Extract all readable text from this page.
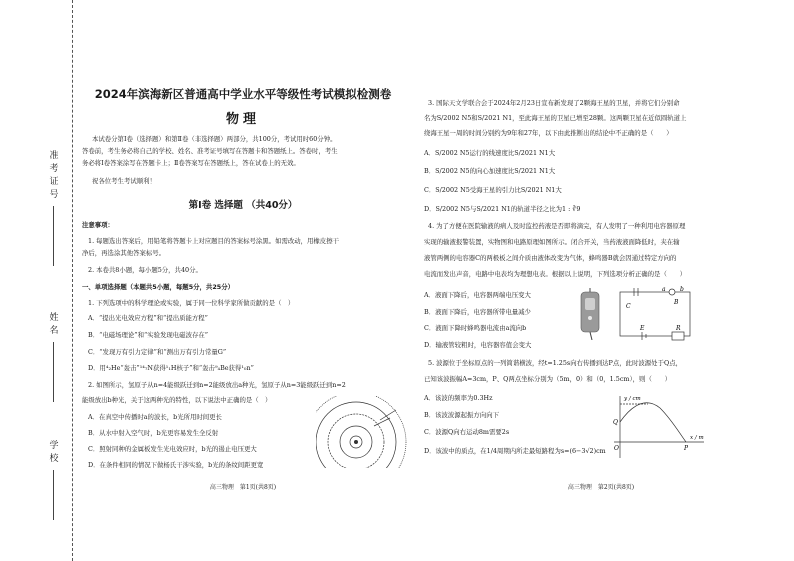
准考证号
姓名
学校
2024年滨海新区普通高中学业水平等级性考试模拟检测卷
物理
本试卷分第Ⅰ卷（选择题）和第Ⅱ卷（非选择题）两部分，共100分，考试用时60分钟。
答卷前，考生务必将自己的学校、姓名、准考证号填写在答题卡和答题纸上。答卷时，考生
务必将Ⅰ卷答案涂写在答题卡上；Ⅱ卷答案写在答题纸上，答在试卷上的无效。
祝各位考生考试顺利！
第Ⅰ卷 选择题 （共40分）
注意事项：
1. 每题选出答案后，用铅笔将答题卡上对应题目的答案标号涂黑。如需改动，用橡皮擦干
净后，再选涂其他答案标号。
2. 本卷共8小题，每小题5分，共40分。
一、单项选择题（本题共5小题，每题5分，共25分）
1. 下列选项中的科学理论或实验，属于同一位科学家所做贡献的是（　）
A．“提出光电效应方程”和“提出质能方程”
B．“电磁场理论”和“实验发现电磁波存在”
C．“发现万有引力定律”和“测出万有引力常量G”
D．用⁴₂He“轰击”¹⁴₇N获得¹₁H核子”和“轰击⁹₄Be获得¹₀n”
2. 如图所示，氢原子从n=4能级跃迁到n=2能级放出a种光，氢原子从n=3能级跃迁到n=2
能级放出b种光，关于这两种光的特性，以下说法中正确的是（　）
A．在真空中传播时a的波长，b光所用时间更长
B．从水中射入空气时，b光更容易发生全反射
C．照射同种的金属板发生光电效应时，b光的遏止电压更大
D．在条件相同的情况下做杨氏干涉实验，b光的条纹间距更宽
高三物理　第1页(共8页)
3. 国际天文学联合会于2024年2月23日宣布新发现了2颗海王星的卫星，并将它们分别命
名为S/2002 N5和S/2021 N1，至此海王星的卫星已增至28颗。这两颗卫星在近似圆轨道上
绕海王星一周的时间分别约为9年和27年，以下由此推断出的结论中不正确的是（　　）
A．S/2002 N5运行的线速度比S/2021 N1大
B．S/2002 N5的向心加速度比S/2021 N1大
C．S/2002 N5受海王星的引力比S/2021 N1大
D．S/2002 N5与S/2021 N1的轨道半径之比为1 : ∛9
4. 为了方便在医院输液的病人及时监控药液是否即将滴完，有人发明了一种利用电容器原理
实现的输液报警装置，实物图和电路原理如图所示。闭合开关，当药液液面降低时，夹在输
液管两侧的电容器C的两极板之间介质由液体改变为气体，蜂鸣器B就会因通过特定方向的
电流而发出声音，电路中电表均为理想电表。根据以上说明，下列选项分析正确的是（　　）
A．液面下降后，电容器两端电压变大
B．液面下降后，电容器所带电量减少
C．液面下降时蜂鸣器电流由a流向b
D．输液管较粗时，电容器容值会变大
a b
C
B
E	R
5. 波源位于坐标原点的一列简谐横波，经t=1.25s向右传播到达P点，此时波源处于Q点，
已知该波振幅A=3cm，P、Q两点坐标分别为（5m，0）和（0，1.5cm），则（　　）
A．该波的频率为0.3Hz
B．该波波源起振方向向下
C．波源Q向右运动8m需要2s
D．该波中的质点，在1/4周期内所走最短路程为s=(6−3√2)cm
y / cm
x / m
Q
P
O
高三物理　第2页(共8页)
